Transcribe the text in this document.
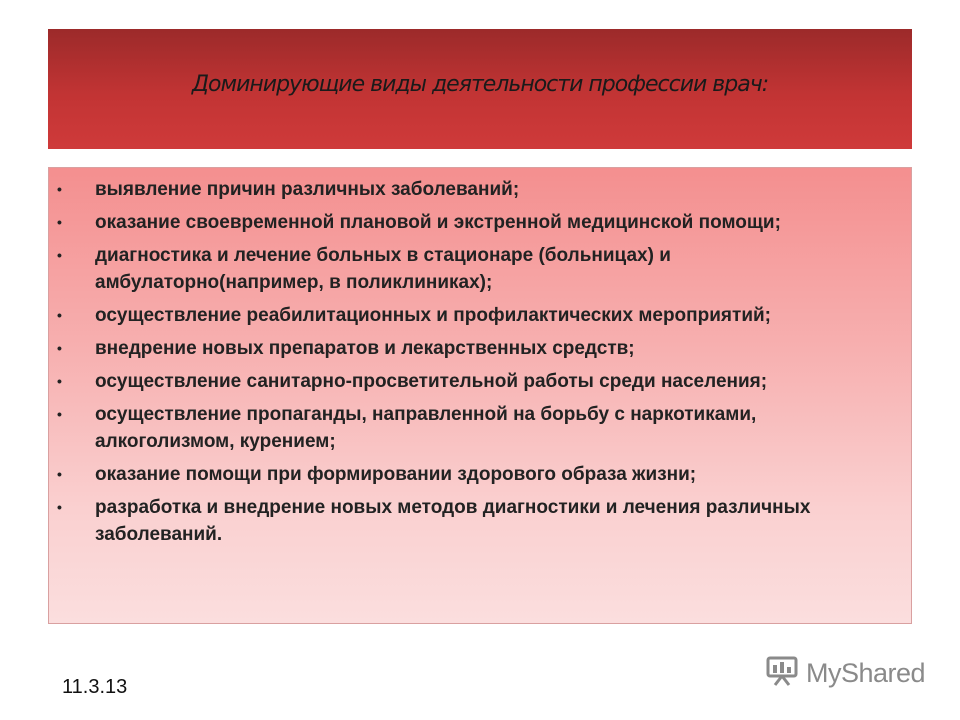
Доминирующие виды деятельности профессии врач:
• выявление причин различных заболеваний;
• оказание своевременной плановой и экстренной медицинской помощи;
• диагностика и лечение больных в стационаре (больницах) и амбулаторно(например, в поликлиниках);
• осуществление реабилитационных и профилактических мероприятий;
• внедрение новых препаратов и лекарственных средств;
• осуществление санитарно-просветительной работы среди населения;
• осуществление пропаганды, направленной на борьбу с наркотиками, алкоголизмом, курением;
• оказание помощи при формировании здорового образа жизни;
• разработка и внедрение новых методов диагностики и лечения различных заболеваний.
11.3.13	MyShared
